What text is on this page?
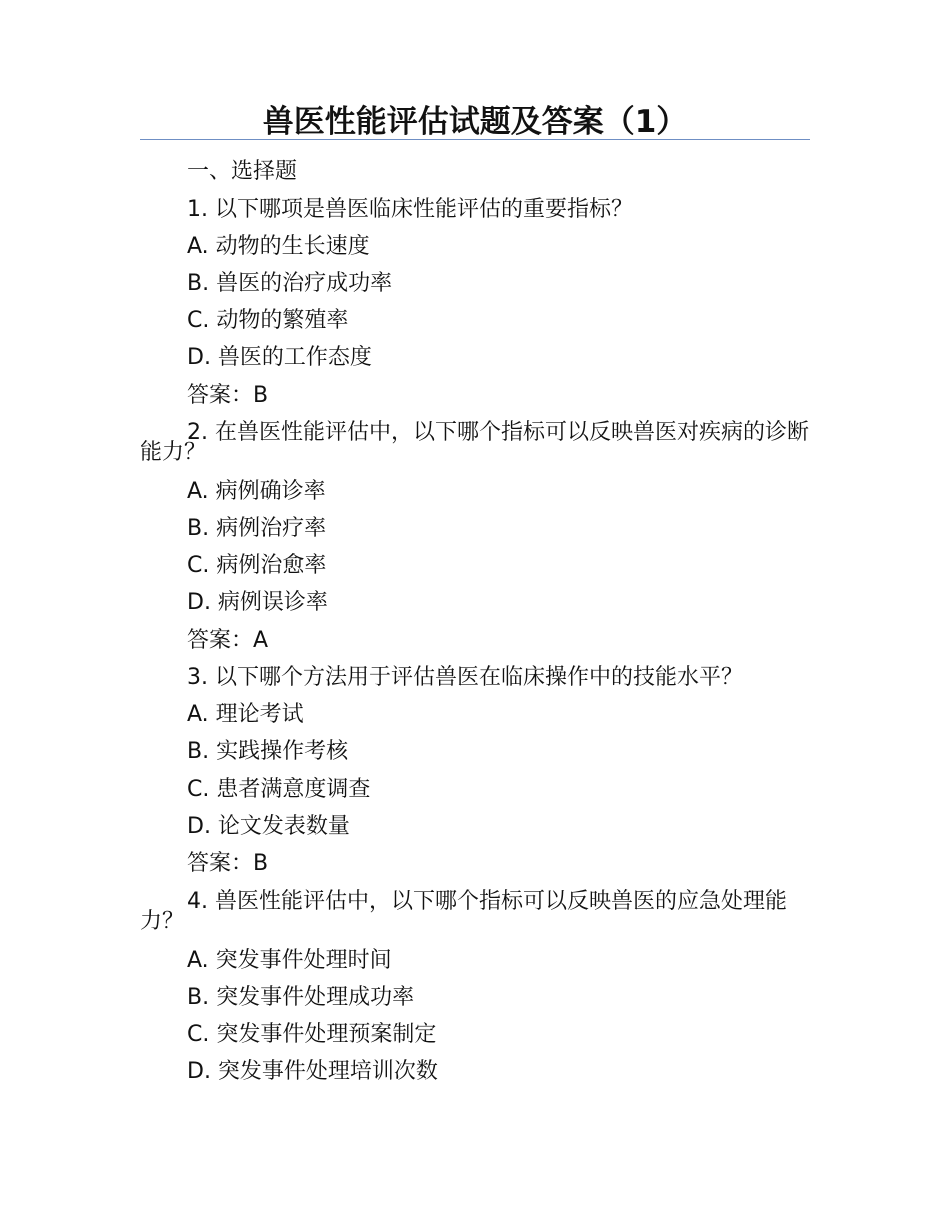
兽医性能评估试题及答案（1）
一、选择题
1. 以下哪项是兽医临床性能评估的重要指标？
A. 动物的生长速度
B. 兽医的治疗成功率
C. 动物的繁殖率
D. 兽医的工作态度
答案：B
2. 在兽医性能评估中，以下哪个指标可以反映兽医对疾病的诊断能力？
A. 病例确诊率
B. 病例治疗率
C. 病例治愈率
D. 病例误诊率
答案：A
3. 以下哪个方法用于评估兽医在临床操作中的技能水平？
A. 理论考试
B. 实践操作考核
C. 患者满意度调查
D. 论文发表数量
答案：B
4. 兽医性能评估中，以下哪个指标可以反映兽医的应急处理能力？
A. 突发事件处理时间
B. 突发事件处理成功率
C. 突发事件处理预案制定
D. 突发事件处理培训次数
